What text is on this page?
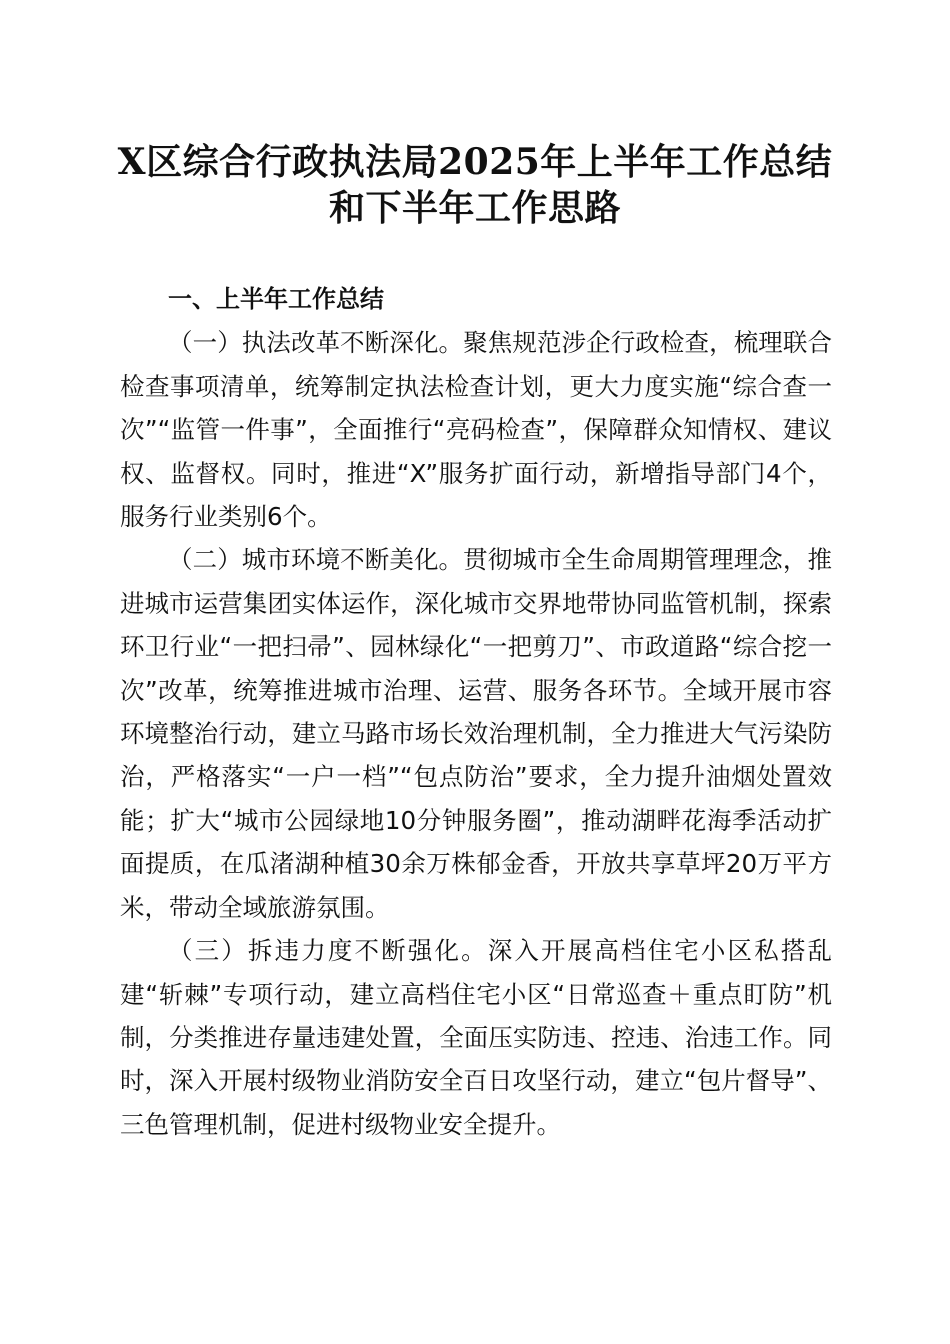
X区综合行政执法局2025年上半年工作总结
和下半年工作思路

一、上半年工作总结

（一）执法改革不断深化。聚焦规范涉企行政检查，梳理联合检查事项清单，统筹制定执法检查计划，更大力度实施“综合查一次”“监管一件事”，全面推行“亮码检查”，保障群众知情权、建议权、监督权。同时，推进“X”服务扩面行动，新增指导部门4个，服务行业类别6个。

（二）城市环境不断美化。贯彻城市全生命周期管理理念，推进城市运营集团实体运作，深化城市交界地带协同监管机制，探索环卫行业“一把扫帚”、园林绿化“一把剪刀”、市政道路“综合挖一次”改革，统筹推进城市治理、运营、服务各环节。全域开展市容环境整治行动，建立马路市场长效治理机制，全力推进大气污染防治，严格落实“一户一档”“包点防治”要求，全力提升油烟处置效能；扩大“城市公园绿地10分钟服务圈”，推动湖畔花海季活动扩面提质，在瓜渚湖种植30余万株郁金香，开放共享草坪20万平方米，带动全域旅游氛围。

（三）拆违力度不断强化。深入开展高档住宅小区私搭乱建“斩棘”专项行动，建立高档住宅小区“日常巡查＋重点盯防”机制，分类推进存量违建处置，全面压实防违、控违、治违工作。同时，深入开展村级物业消防安全百日攻坚行动，建立“包片督导”、三色管理机制，促进村级物业安全提升。
